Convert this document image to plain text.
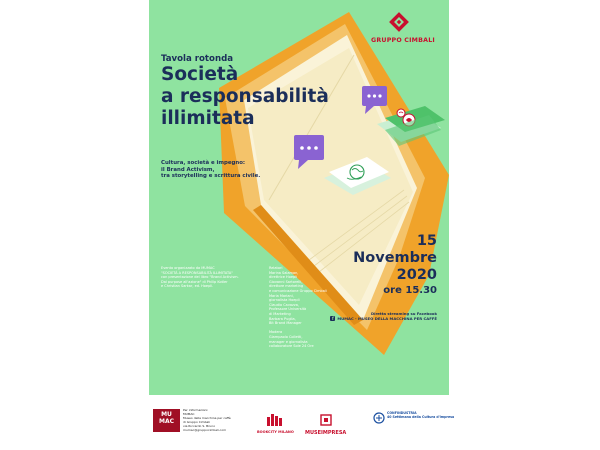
GRUPPO CIMBALI
Tavola rotonda
Società
a responsabilità
illimitata
Cultura, società e impegno:
il Brand Activism,
tra storytelling e scrittura civile.
15
Novembre
2020
ore 15.30
Diretta streaming su Facebook
f MUMAC - MUSEO DELLA MACCHINA PER CAFFÈ
Evento organizzato da MUMAC
"SOCIETÀ A RESPONSABILITÀ ILLIMITATA"
con presentazione del libro "Brand Activism.
Dal purpose all'azione" di Philip Kotler
e Christian Sarkar, ed. Hoepli.
Relatori
Marina Salamon,
direttrice Hoepli
Giovanni Sartorelli,
direttore marketing
e comunicazione Gruppo Cimbali
Maria Mariani,
giornalista Hoepli
Claudio Cavazza,
Professore Università
di Marketing
Barbara Puglia,
Bit Brand Manager
Modera
Giampaolo Colletti,
manager e giornalista
collaboratore Sole 24 Ore
MU
MAC
Per informazioni:
MUMAC
Museo della macchina per caffè
di Gruppo Cimbali
via Riccardo S. Bruno
mumac@gruppocimbali.com
BOOKCITY MILANO MUSEIMPRESA
CONFINDUSTRIA
40 Settimana della Cultura d'Impresa
